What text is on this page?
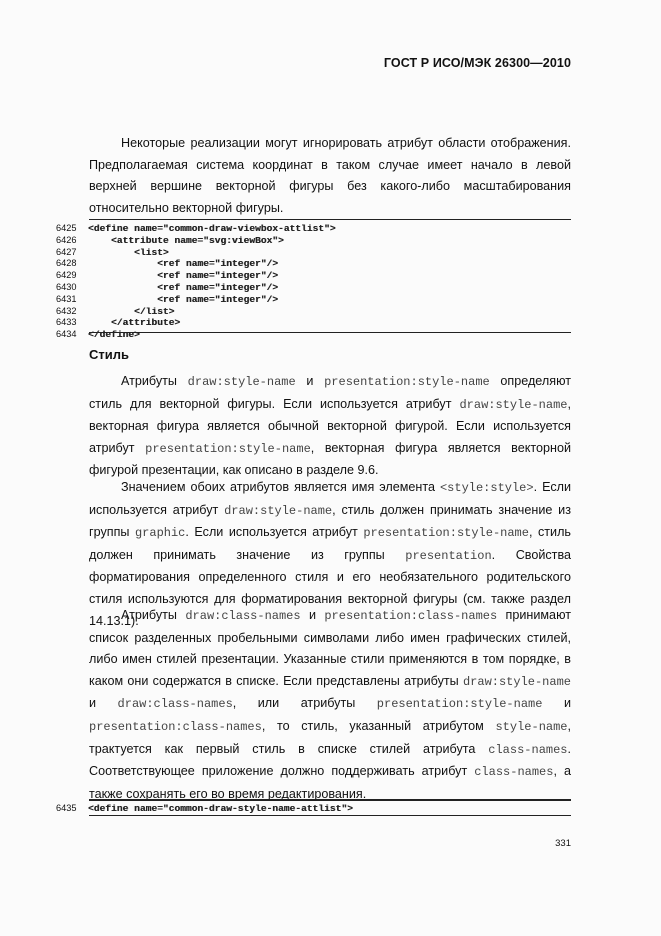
ГОСТ Р ИСО/МЭК 26300—2010
Некоторые реализации могут игнорировать атрибут области отображения. Предполагаемая система координат в таком случае имеет начало в левой верхней вершине векторной фигуры без какого-либо масштабирования относительно векторной фигуры.
6425 <define name="common-draw-viewbox-attlist">
6426    <attribute name="svg:viewBox">
6427        <list>
6428            <ref name="integer"/>
6429            <ref name="integer"/>
6430            <ref name="integer"/>
6431            <ref name="integer"/>
6432        </list>
6433    </attribute>
6434 </define>
Стиль
Атрибуты draw:style-name и presentation:style-name определяют стиль для векторной фигуры. Если используется атрибут draw:style-name, векторная фигура является обычной векторной фигурой. Если используется атрибут presentation:style-name, векторная фигура является векторной фигурой презентации, как описано в разделе 9.6.
Значением обоих атрибутов является имя элемента <style:style>. Если используется атрибут draw:style-name, стиль должен принимать значение из группы graphic. Если используется атрибут presentation:style-name, стиль должен принимать значение из группы presentation. Свойства форматирования определенного стиля и его необязательного родительского стиля используются для форматирования векторной фигуры (см. также раздел 14.13.1).
Атрибуты draw:class-names и presentation:class-names принимают список разделенных пробельными символами либо имен графических стилей, либо имен стилей презентации. Указанные стили применяются в том порядке, в каком они содержатся в списке. Если представлены атрибуты draw:style-name и draw:class-names, или атрибуты presentation:style-name и presentation:class-names, то стиль, указанный атрибутом style-name, трактуется как первый стиль в списке стилей атрибута class-names. Соответствующее приложение должно поддерживать атрибут class-names, а также сохранять его во время редактирования.
6435 <define name="common-draw-style-name-attlist">
331
